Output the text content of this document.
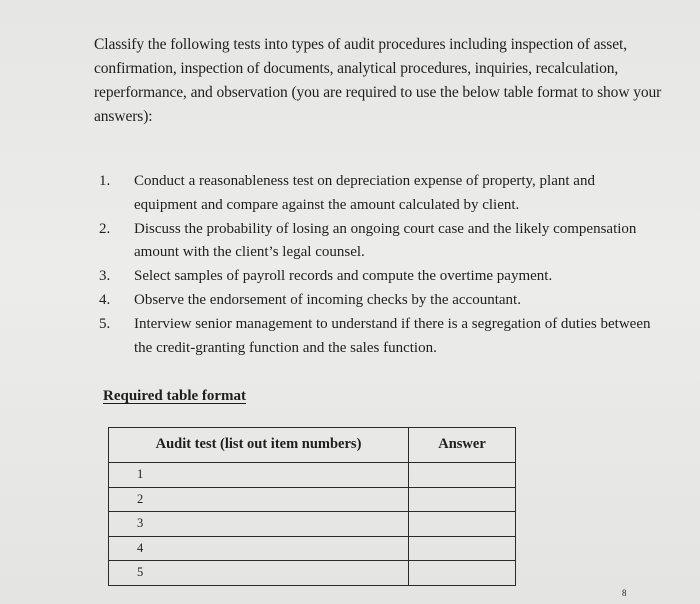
Classify the following tests into types of audit procedures including inspection of asset, confirmation, inspection of documents, analytical procedures, inquiries, recalculation, reperformance, and observation (you are required to use the below table format to show your answers):

1. Conduct a reasonableness test on depreciation expense of property, plant and equipment and compare against the amount calculated by client.
2. Discuss the probability of losing an ongoing court case and the likely compensation amount with the client’s legal counsel.
3. Select samples of payroll records and compute the overtime payment.
4. Observe the endorsement of incoming checks by the accountant.
5. Interview senior management to understand if there is a segregation of duties between the credit-granting function and the sales function.
Required table format
Audit test (list out item numbers)	Answer
1	
2	
3	
4	
5	
8
